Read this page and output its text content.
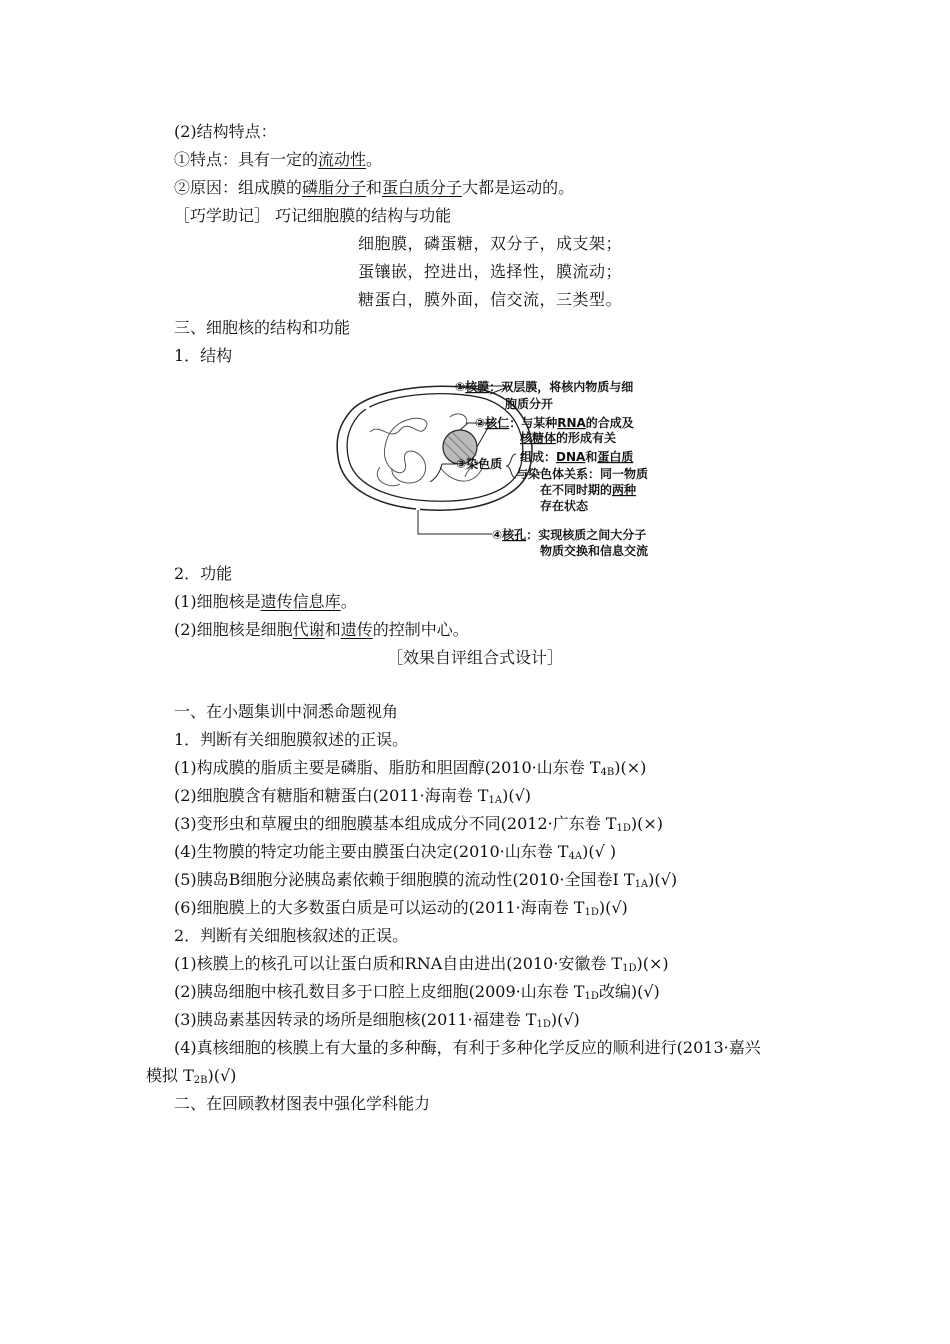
(2)结构特点：
①特点：具有一定的流动性。
②原因：组成膜的磷脂分子和蛋白质分子大都是运动的。
［巧学助记］ 巧记细胞膜的结构与功能
细胞膜，磷蛋糖，双分子，成支架；
蛋镶嵌，控进出，选择性，膜流动；
糖蛋白，膜外面，信交流，三类型。
三、细胞核的结构和功能
1．结构
①核膜：双层膜，将核内物质与细
胞质分开
②核仁：与某种RNA的合成及
核糖体的形成有关
③染色质 组成：DNA和蛋白质
与染色体关系：同一物质
在不同时期的两种
存在状态
④核孔：实现核质之间大分子
物质交换和信息交流
2．功能
(1)细胞核是遗传信息库。
(2)细胞核是细胞代谢和遗传的控制中心。
［效果自评组合式设计］
一、在小题集训中洞悉命题视角
1．判断有关细胞膜叙述的正误。
(1)构成膜的脂质主要是磷脂、脂肪和胆固醇(2010·山东卷 $T_{4B})(\times)$
(2)细胞膜含有糖脂和糖蛋白(2011·海南卷 $T_{1A})(√)$
(3)变形虫和草履虫的细胞膜基本组成成分不同(2012·广东卷 $T_{1D})(\times)$
(4)生物膜的特定功能主要由膜蛋白决定(2010·山东卷 $T_{4A})(√$ )
(5)胰岛B细胞分泌胰岛素依赖于细胞膜的流动性(2010·全国卷Ⅰ $T_{1A})(√)$
(6)细胞膜上的大多数蛋白质是可以运动的(2011·海南卷 $T_{1D})(√)$
2．判断有关细胞核叙述的正误。
(1)核膜上的核孔可以让蛋白质和RNA自由进出(2010·安徽卷 $T_{1D})(\times)$
(2)胰岛细胞中核孔数目多于口腔上皮细胞(2009·山东卷 $T_{1D}$改编)(√)
(3)胰岛素基因转录的场所是细胞核(2011·福建卷 $T_{1D})(√)$
(4)真核细胞的核膜上有大量的多种酶，有利于多种化学反应的顺利进行(2013·嘉兴
模拟 $T_{2B})(√)$
二、在回顾教材图表中强化学科能力
